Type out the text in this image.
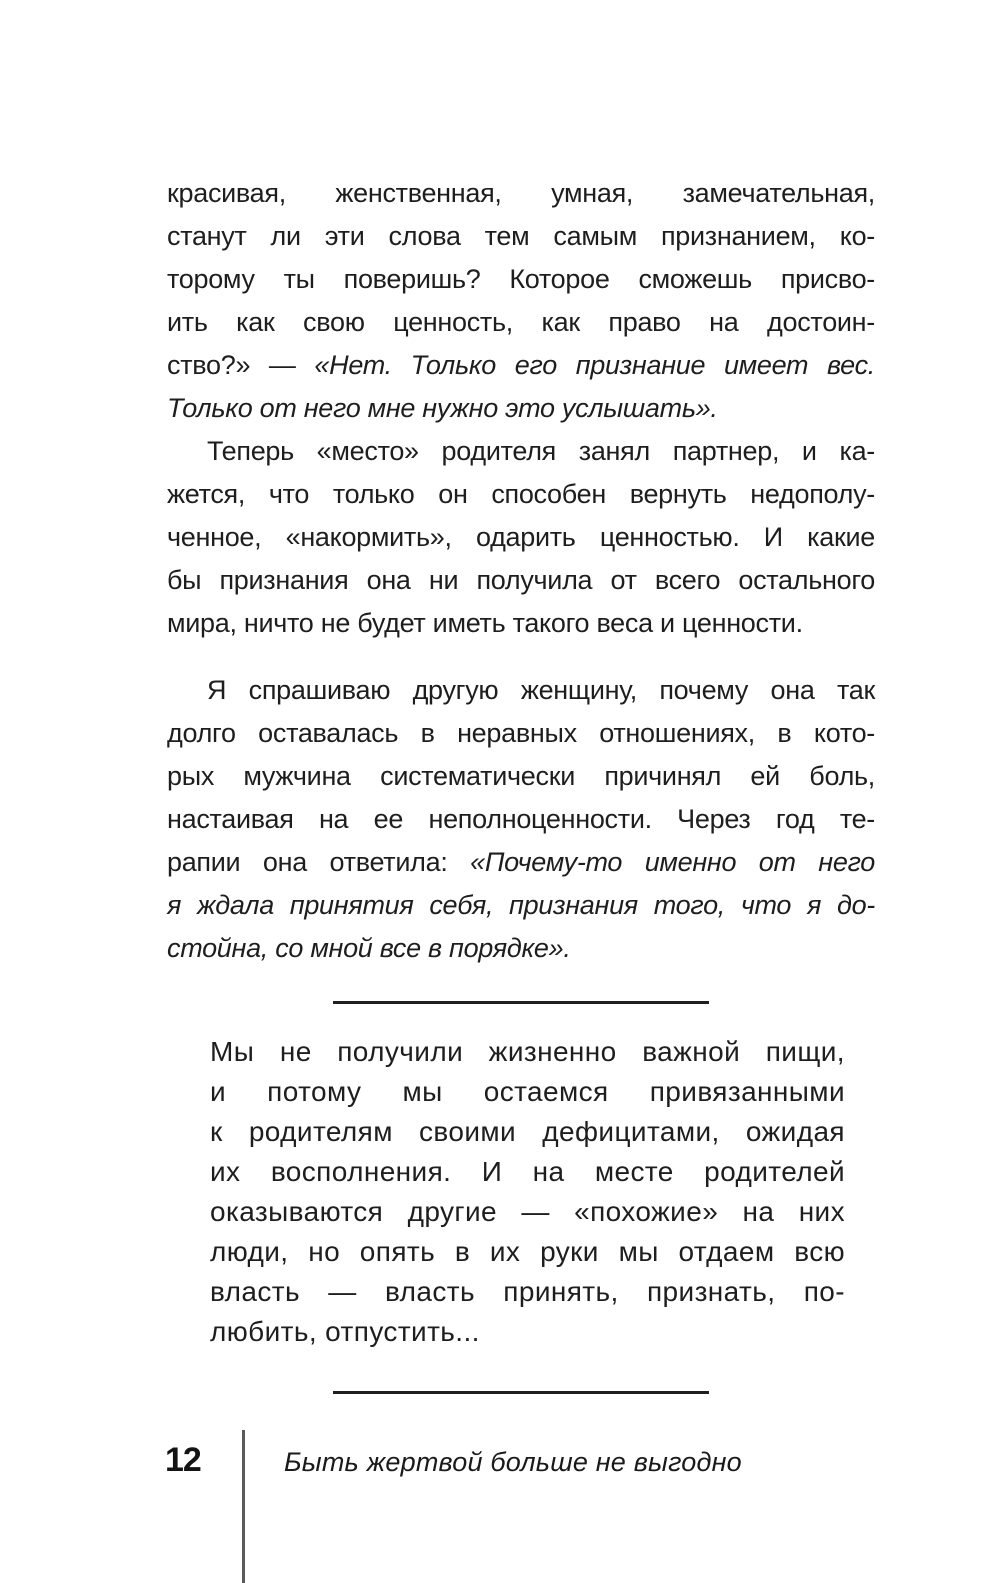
красивая, женственная, умная, замечательная,
станут ли эти слова тем самым признанием, ко-
торому ты поверишь? Которое сможешь присво-
ить как свою ценность, как право на достоин-
ство?» — «Нет. Только его признание имеет вес.
Только от него мне нужно это услышать».
Теперь «место» родителя занял партнер, и ка-
жется, что только он способен вернуть недополу-
ченное, «накормить», одарить ценностью. И какие
бы признания она ни получила от всего остального
мира, ничто не будет иметь такого веса и ценности.
Я спрашиваю другую женщину, почему она так
долго оставалась в неравных отношениях, в кото-
рых мужчина систематически причинял ей боль,
настаивая на ее неполноценности. Через год те-
рапии она ответила: «Почему-то именно от него
я ждала принятия себя, признания того, что я до-
стойна, со мной все в порядке».
Мы не получили жизненно важной пищи,
и потому мы остаемся привязанными
к родителям своими дефицитами, ожидая
их восполнения. И на месте родителей
оказываются другие — «похожие» на них
люди, но опять в их руки мы отдаем всю
власть — власть принять, признать, по-
любить, отпустить...
12	Быть жертвой больше не выгодно
